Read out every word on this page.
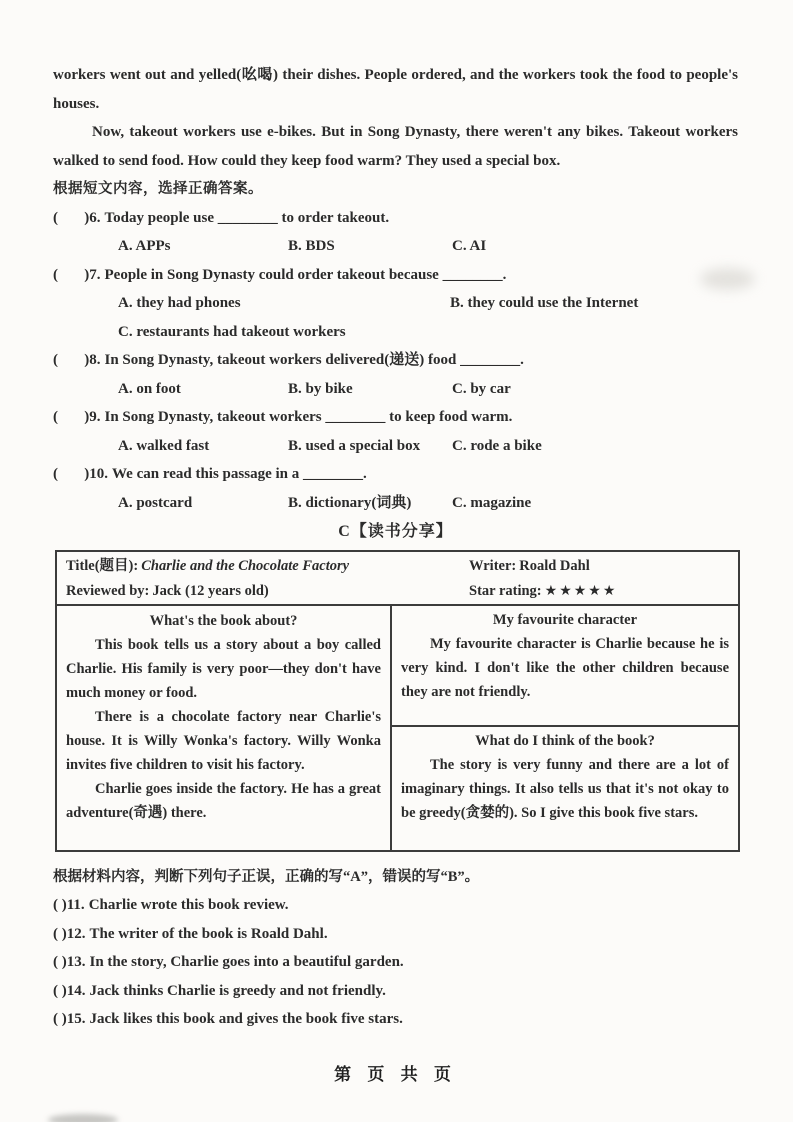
workers went out and yelled(吆喝) their dishes. People ordered, and the workers took the food to people's houses.

Now, takeout workers use e-bikes. But in Song Dynasty, there weren't any bikes. Takeout workers walked to send food. How could they keep food warm? They used a special box.

根据短文内容，选择正确答案。

(       )6. Today people use ________ to order takeout.
A. APPs	B. BDS	C. AI
(       )7. People in Song Dynasty could order takeout because ________.
A. they had phones	B. they could use the Internet
C. restaurants had takeout workers
(       )8. In Song Dynasty, takeout workers delivered(递送) food ________.
A. on foot	B. by bike	C. by car
(       )9. In Song Dynasty, takeout workers ________ to keep food warm.
A. walked fast	B. used a special box	C. rode a bike
(       )10. We can read this passage in a ________.
A. postcard	B. dictionary(词典)	C. magazine
C【读书分享】
Title(题目): Charlie and the Chocolate Factory
Reviewed by: Jack (12 years old)
Writer: Roald Dahl
Star rating: ★★★★★
What's the book about?

This book tells us a story about a boy called Charlie. His family is very poor—they don't have much money or food.

There is a chocolate factory near Charlie's house. It is Willy Wonka's factory. Willy Wonka invites five children to visit his factory.

Charlie goes inside the factory. He has a great adventure(奇遇) there.

My favourite character

My favourite character is Charlie because he is very kind. I don't like the other children because they are not friendly.

What do I think of the book?

The story is very funny and there are a lot of imaginary things. It also tells us that it's not okay to be greedy(贪婪的). So I give this book five stars.

根据材料内容，判断下列句子正误，正确的写“A”，错误的写“B”。

( )11. Charlie wrote this book review.
( )12. The writer of the book is Roald Dahl.
( )13. In the story, Charlie goes into a beautiful garden.
( )14. Jack thinks Charlie is greedy and not friendly.
( )15. Jack likes this book and gives the book five stars.
第 页 共 页
